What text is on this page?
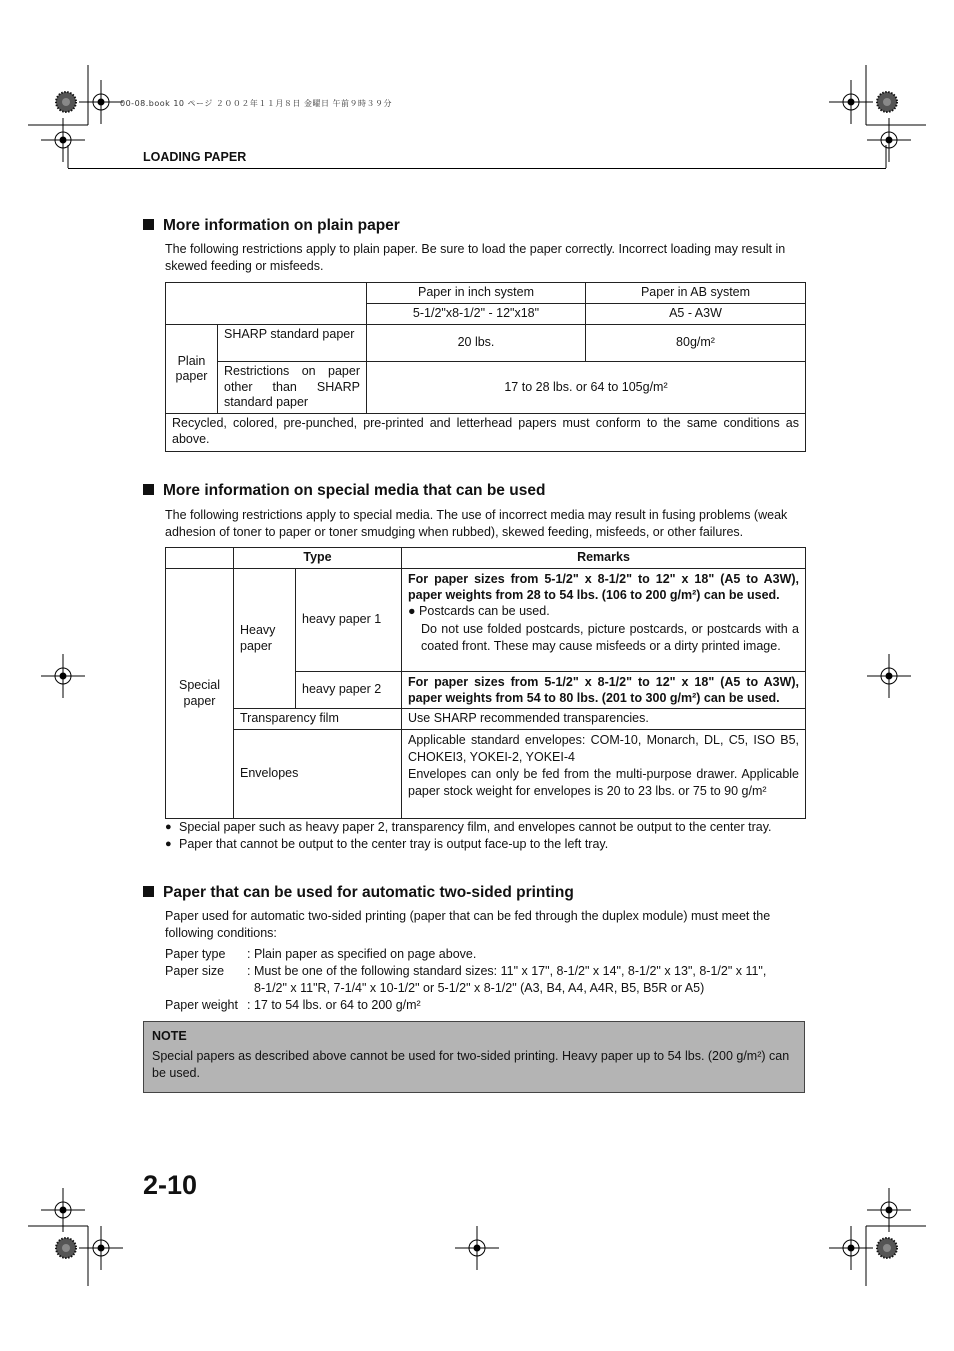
00-08.book 10 ページ ２００２年１１月８日 金曜日 午前９時３９分
LOADING PAPER
More information on plain paper
The following restrictions apply to plain paper. Be sure to load the paper correctly. Incorrect loading may result in skewed feeding or misfeeds.
		Paper in inch system	Paper in AB system
		5-1/2"x8-1/2" - 12"x18"	A5 - A3W
Plain paper	SHARP standard paper	20 lbs.	80g/m²
	Restrictions on paper other than SHARP standard paper	17 to 28 lbs. or 64 to 105g/m²	
Recycled, colored, pre-punched, pre-printed and letterhead papers must conform to the same conditions as above.			
More information on special media that can be used
The following restrictions apply to special media. The use of incorrect media may result in fusing problems (weak adhesion of toner to paper or toner smudging when rubbed), skewed feeding, misfeeds, or other failures.
	Type		Remarks
Special paper	Heavy paper	heavy paper 1	For paper sizes from 5-1/2" x 8-1/2" to 12" x 18" (A5 to A3W), paper weights from 28 to 54 lbs. (106 to 200 g/m²) can be used.
● Postcards can be used.
Do not use folded postcards, picture postcards, or postcards with a coated front. These may cause misfeeds or a dirty printed image.

		heavy paper 2	For paper sizes from 5-1/2" x 8-1/2" to 12" x 18" (A5 to A3W), paper weights from 54 to 80 lbs. (201 to 300 g/m²) can be used.
	Transparency film		Use SHARP recommended transparencies.
	Envelopes		Applicable standard envelopes: COM-10, Monarch, DL, C5, ISO B5, CHOKEI3, YOKEI-2, YOKEI-4
Envelopes can only be fed from the multi-purpose drawer. Applicable paper stock weight for envelopes is 20 to 23 lbs. or 75 to 90 g/m²
● Special paper such as heavy paper 2, transparency film, and envelopes cannot be output to the center tray.
● Paper that cannot be output to the center tray is output face-up to the left tray.
Paper that can be used for automatic two-sided printing
Paper used for automatic two-sided printing (paper that can be fed through the duplex module) must meet the following conditions:
Paper type : Plain paper as specified on page above.
Paper size : Must be one of the following standard sizes: 11" x 17", 8-1/2" x 14", 8-1/2" x 13", 8-1/2" x 11",
8-1/2" x 11"R, 7-1/4" x 10-1/2" or 5-1/2" x 8-1/2" (A3, B4, A4, A4R, B5, B5R or A5)
Paper weight : 17 to 54 lbs. or 64 to 200 g/m²
NOTE
Special papers as described above cannot be used for two-sided printing. Heavy paper up to 54 lbs. (200 g/m²) can be used.
2-10
